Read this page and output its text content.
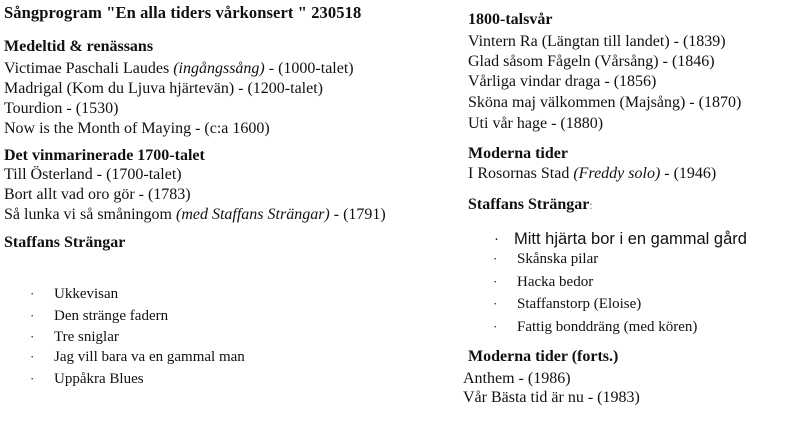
Sångprogram "En alla tiders vårkonsert " 230518
Medeltid & renässans
Victimae Paschali Laudes (ingångssång) - (1000-talet)
Madrigal (Kom du Ljuva hjärtevän) - (1200-talet)
Tourdion - (1530)
Now is the Month of Maying - (c:a 1600)
Det vinmarinerade 1700-talet
Till Österland - (1700-talet)
Bort allt vad oro gör - (1783)
Så lunka vi så småningom (med Staffans Strängar) - (1791)
Staffans Strängar
· Ukkevisan
· Den stränge fadern
· Tre sniglar
· Jag vill bara va en gammal man
· Uppåkra Blues
1800-talsvår
Vintern Ra (Längtan till landet) - (1839)
Glad såsom Fågeln (Vårsång) - (1846)
Vårliga vindar draga - (1856)
Sköna maj välkommen (Majsång) - (1870)
Uti vår hage - (1880)
Moderna tider
I Rosornas Stad (Freddy solo) - (1946)
Staffans Strängar:
· Mitt hjärta bor i en gammal gård
· Skånska pilar
· Hacka bedor
· Staffanstorp (Eloise)
· Fattig bonddräng (med kören)
Moderna tider (forts.)
Anthem - (1986)
Vår Bästa tid är nu - (1983)
